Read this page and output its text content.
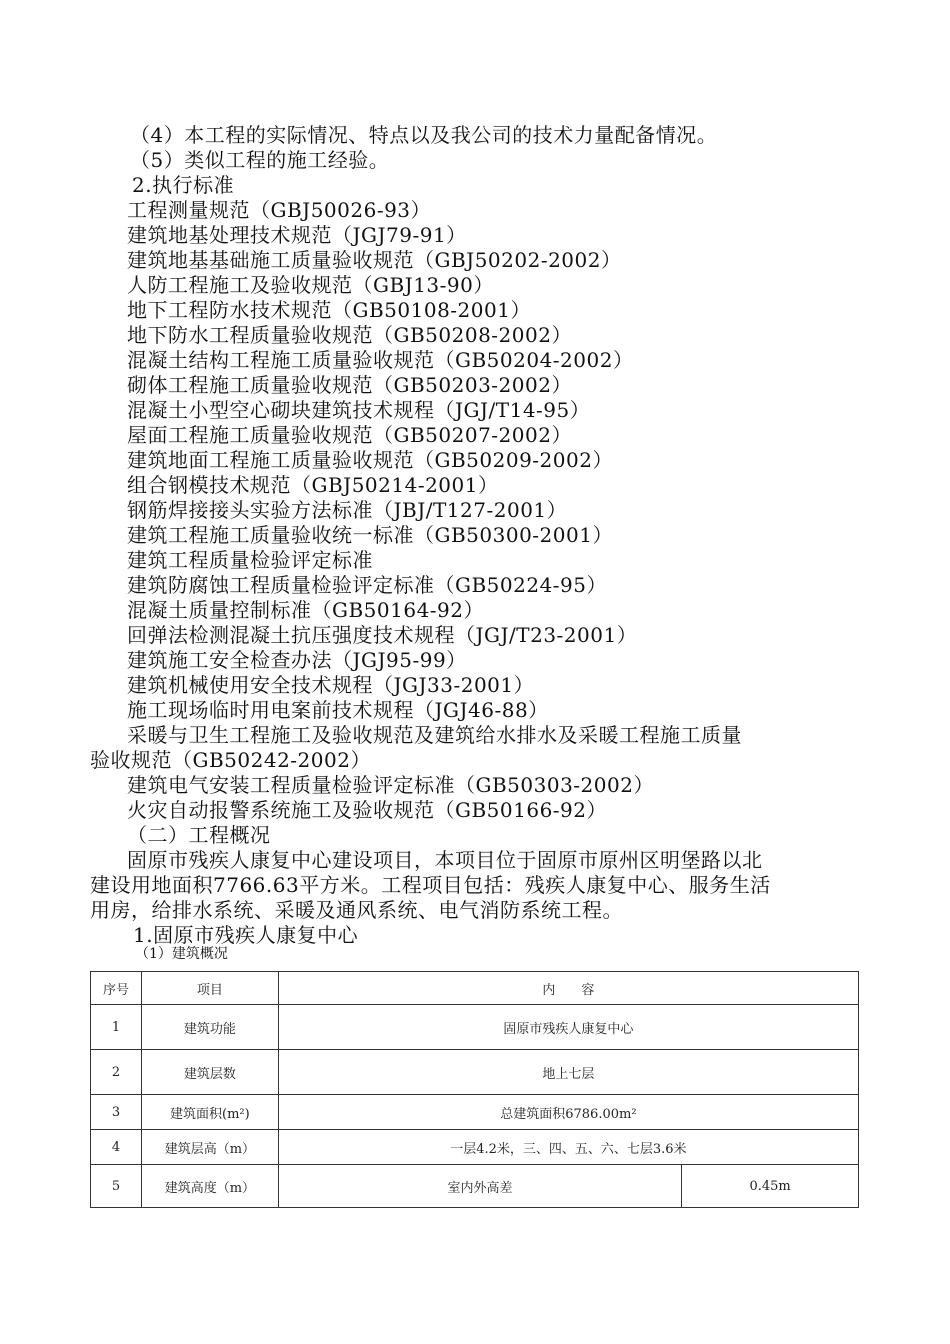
（4）本工程的实际情况、特点以及我公司的技术力量配备情况。
（5）类似工程的施工经验。
2.执行标准
工程测量规范（GBJ50026-93）
建筑地基处理技术规范（JGJ79-91）
建筑地基基础施工质量验收规范（GBJ50202-2002）
人防工程施工及验收规范（GBJ13-90）
地下工程防水技术规范（GB50108-2001）
地下防水工程质量验收规范（GB50208-2002）
混凝土结构工程施工质量验收规范（GB50204-2002）
砌体工程施工质量验收规范（GB50203-2002）
混凝土小型空心砌块建筑技术规程（JGJ/T14-95）
屋面工程施工质量验收规范（GB50207-2002）
建筑地面工程施工质量验收规范（GB50209-2002）
组合钢模技术规范（GBJ50214-2001）
钢筋焊接接头实验方法标准（JBJ/T127-2001）
建筑工程施工质量验收统一标准（GB50300-2001）
建筑工程质量检验评定标准
建筑防腐蚀工程质量检验评定标准（GB50224-95）
混凝土质量控制标准（GB50164-92）
回弹法检测混凝土抗压强度技术规程（JGJ/T23-2001）
建筑施工安全检查办法（JGJ95-99）
建筑机械使用安全技术规程（JGJ33-2001）
施工现场临时用电案前技术规程（JGJ46-88）
采暖与卫生工程施工及验收规范及建筑给水排水及采暖工程施工质量
验收规范（GB50242-2002）
建筑电气安装工程质量检验评定标准（GB50303-2002）
火灾自动报警系统施工及验收规范（GB50166-92）
（二）工程概况
固原市残疾人康复中心建设项目，本项目位于固原市原州区明堡路以北
建设用地面积7766.63平方米。工程项目包括：残疾人康复中心、服务生活
用房，给排水系统、采暖及通风系统、电气消防系统工程。
1.固原市残疾人康复中心
（1）建筑概况
序号	项目	内　　容	
1	建筑功能	固原市残疾人康复中心	
2	建筑层数	地上七层	
3	建筑面积(m²)	总建筑面积6786.00m²	
4	建筑层高（m）	一层4.2米，三、四、五、六、七层3.6米	
5	建筑高度（m）	室内外高差	0.45m
